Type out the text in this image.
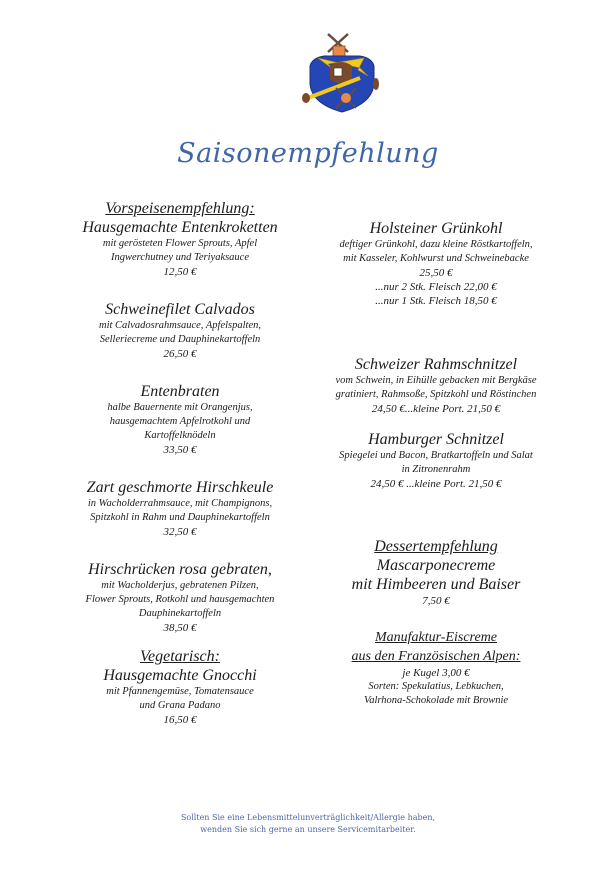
Saisonempfehlung
Vorspeisenempfehlung:
Hausgemachte Entenkroketten
mit gerösteten Flower Sprouts, Apfel
Ingwerchutney und Teriyaksauce
12,50 €
Schweinefilet Calvados
mit Calvadosrahmsauce, Apfelspalten,
Selleriecreme und Dauphinekartoffeln
26,50 €
Entenbraten
halbe Bauernente mit Orangenjus,
hausgemachtem Apfelrotkohl und
Kartoffelknödeln
33,50 €
Zart geschmorte Hirschkeule
in Wacholderrahmsauce, mit Champignons,
Spitzkohl in Rahm und Dauphinekartoffeln
32,50 €
Hirschrücken rosa gebraten,
mit Wacholderjus, gebratenen Pilzen,
Flower Sprouts, Rotkohl und hausgemachten
Dauphinekartoffeln
38,50 €
Vegetarisch:
Hausgemachte Gnocchi
mit Pfannengemüse, Tomatensauce
und Grana Padano
16,50 €
Holsteiner Grünkohl
deftiger Grünkohl, dazu kleine Röstkartoffeln,
mit Kasseler, Kohlwurst und Schweinebacke
25,50 €
...nur 2 Stk. Fleisch 22,00 €
...nur 1 Stk. Fleisch 18,50 €
Schweizer Rahmschnitzel
vom Schwein, in Eihülle gebacken mit Bergkäse
gratiniert, Rahmsoße, Spitzkohl und Röstinchen
24,50 €...kleine Port. 21,50 €
Hamburger Schnitzel
Spiegelei und Bacon, Bratkartoffeln und Salat
in Zitronenrahm
24,50 € ...kleine Port. 21,50 €
Dessertempfehlung
Mascarponecreme
mit Himbeeren und Baiser
7,50 €
Manufaktur-Eiscreme
aus den Französischen Alpen:
je Kugel 3,00 €
Sorten: Spekulatius, Lebkuchen,
Valrhona-Schokolade mit Brownie
Sollten Sie eine Lebensmittelunverträglichkeit/Allergie haben,
wenden Sie sich gerne an unsere Servicemitarbeiter.
